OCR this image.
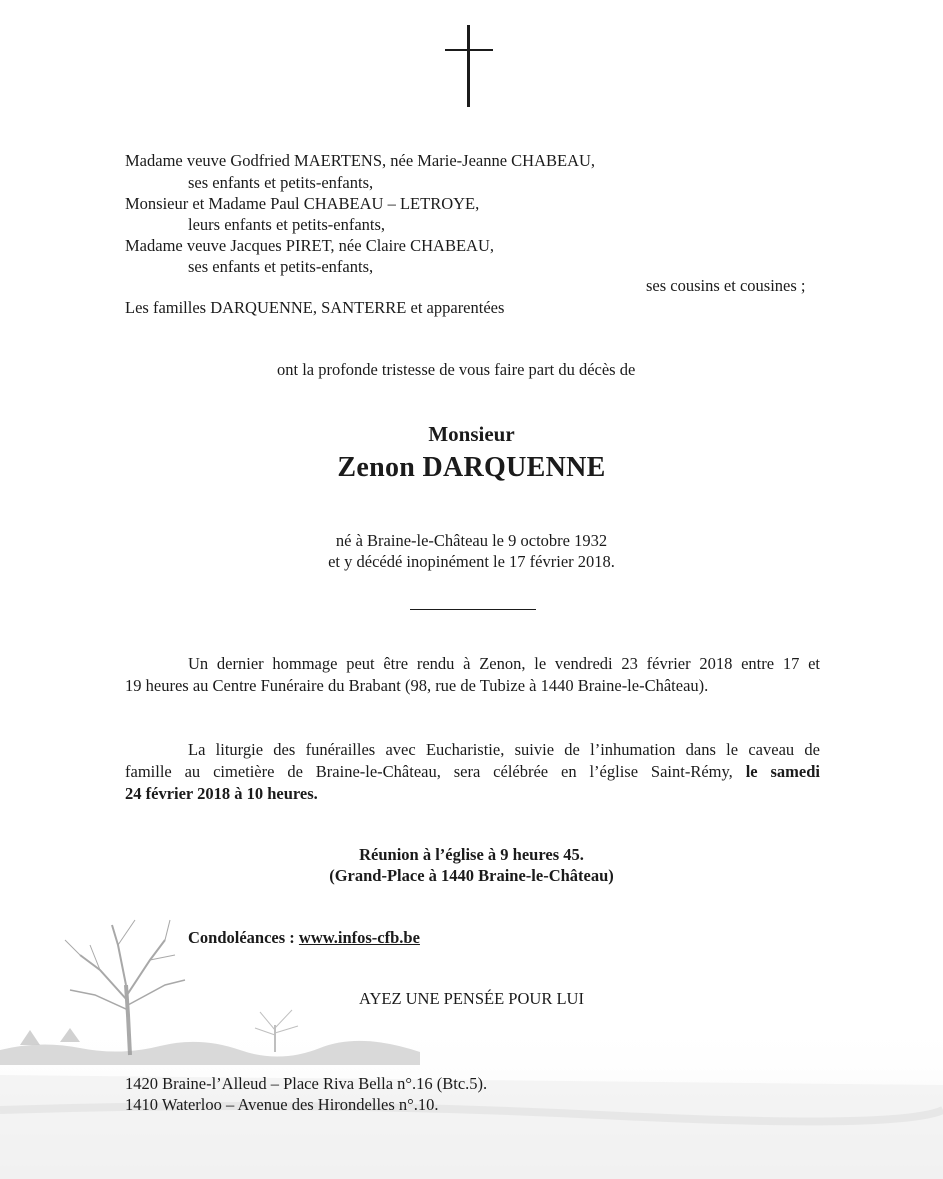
Madame veuve Godfried MAERTENS, née Marie-Jeanne CHABEAU,
ses enfants et petits-enfants,
Monsieur et Madame Paul CHABEAU – LETROYE,
leurs enfants et petits-enfants,
Madame veuve Jacques PIRET, née Claire CHABEAU,
ses enfants et petits-enfants,
ses cousins et cousines ;
Les familles DARQUENNE, SANTERRE et apparentées
ont la profonde tristesse de vous faire part du décès de
Monsieur
Zenon DARQUENNE
né à Braine-le-Château le 9 octobre 1932
et y décédé inopinément le 17 février 2018.
Un dernier hommage peut être rendu à Zenon, le vendredi 23 février 2018 entre 17 et
19 heures au Centre Funéraire du Brabant (98, rue de Tubize à 1440 Braine-le-Château).
La liturgie des funérailles avec Eucharistie, suivie de l’inhumation dans le caveau de
famille au cimetière de Braine-le-Château, sera célébrée en l’église Saint-Rémy, le samedi
24 février 2018 à 10 heures.
Réunion à l’église à 9 heures 45.
(Grand-Place à 1440 Braine-le-Château)
Condoléances : www.infos-cfb.be
AYEZ UNE PENSÉE POUR LUI
1420 Braine-l’Alleud – Place Riva Bella n°.16 (Btc.5).
1410 Waterloo – Avenue des Hirondelles n°.10.
